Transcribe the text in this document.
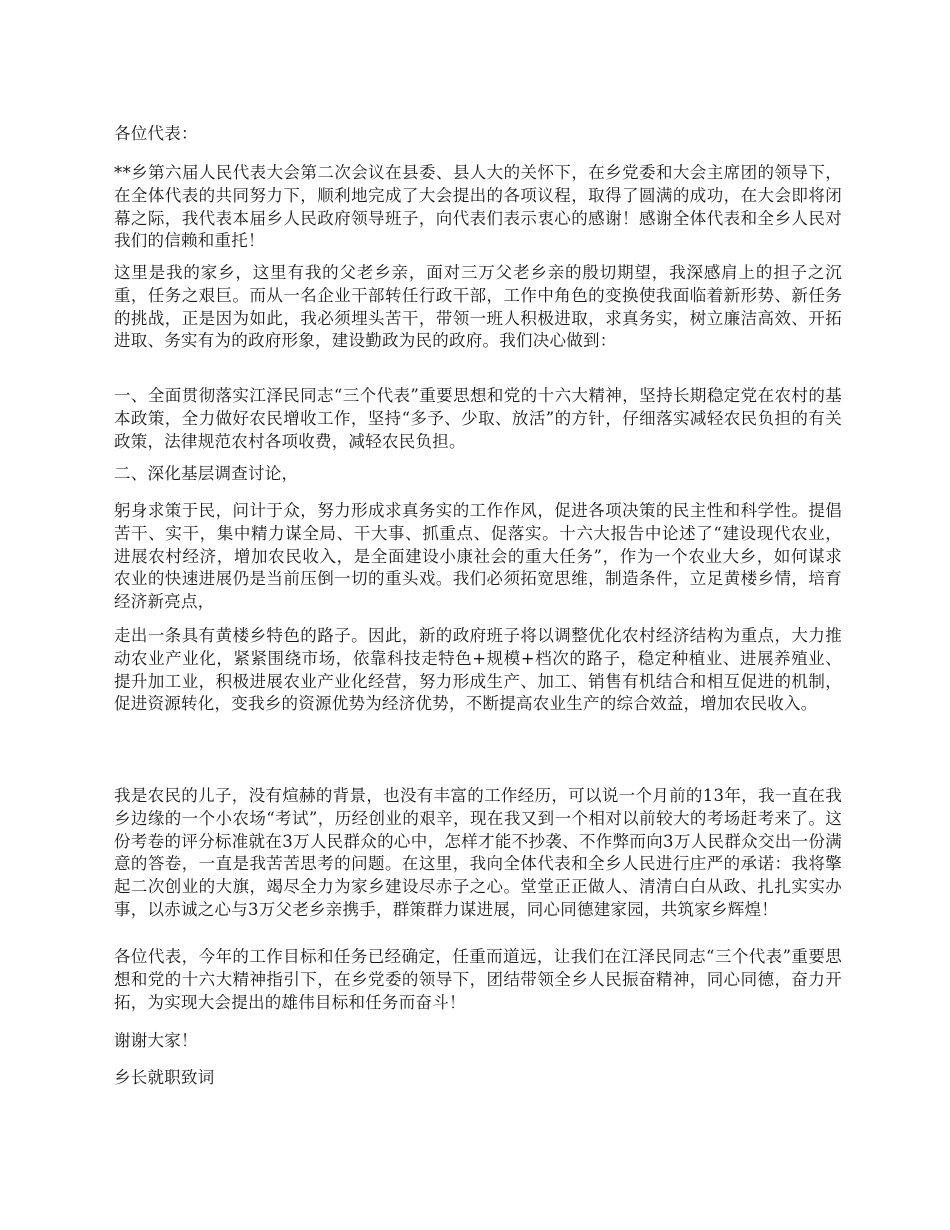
各位代表：

**乡第六届人民代表大会第二次会议在县委、县人大的关怀下，在乡党委和大会主席团的领导下，在全体代表的共同努力下，顺利地完成了大会提出的各项议程，取得了圆满的成功，在大会即将闭幕之际，我代表本届乡人民政府领导班子，向代表们表示衷心的感谢！感谢全体代表和全乡人民对我们的信赖和重托！

这里是我的家乡，这里有我的父老乡亲，面对三万父老乡亲的殷切期望，我深感肩上的担子之沉重，任务之艰巨。而从一名企业干部转任行政干部，工作中角色的变换使我面临着新形势、新任务的挑战，正是因为如此，我必须埋头苦干，带领一班人积极进取，求真务实，树立廉洁高效、开拓进取、务实有为的政府形象，建设勤政为民的政府。我们决心做到：

一、全面贯彻落实江泽民同志“三个代表”重要思想和党的十六大精神，坚持长期稳定党在农村的基本政策，全力做好农民增收工作，坚持“多予、少取、放活”的方针，仔细落实减轻农民负担的有关政策，法律规范农村各项收费，减轻农民负担。

二、深化基层调查讨论，

躬身求策于民，问计于众，努力形成求真务实的工作作风，促进各项决策的民主性和科学性。提倡苦干、实干，集中精力谋全局、干大事、抓重点、促落实。十六大报告中论述了“建设现代农业，进展农村经济，增加农民收入，是全面建设小康社会的重大任务”，作为一个农业大乡，如何谋求农业的快速进展仍是当前压倒一切的重头戏。我们必须拓宽思维，制造条件，立足黄楼乡情，培育经济新亮点，

走出一条具有黄楼乡特色的路子。因此，新的政府班子将以调整优化农村经济结构为重点，大力推动农业产业化，紧紧围绕市场，依靠科技走特色+规模+档次的路子，稳定种植业、进展养殖业、提升加工业，积极进展农业产业化经营，努力形成生产、加工、销售有机结合和相互促进的机制，促进资源转化，变我乡的资源优势为经济优势，不断提高农业生产的综合效益，增加农民收入。

我是农民的儿子，没有煊赫的背景，也没有丰富的工作经历，可以说一个月前的13年，我一直在我乡边缘的一个小农场“考试”，历经创业的艰辛，现在我又到一个相对以前较大的考场赶考来了。这份考卷的评分标准就在3万人民群众的心中，怎样才能不抄袭、不作弊而向3万人民群众交出一份满意的答卷，一直是我苦苦思考的问题。在这里，我向全体代表和全乡人民进行庄严的承诺：我将擎起二次创业的大旗，竭尽全力为家乡建设尽赤子之心。堂堂正正做人、清清白白从政、扎扎实实办事，以赤诚之心与3万父老乡亲携手，群策群力谋进展，同心同德建家园，共筑家乡辉煌！

各位代表，今年的工作目标和任务已经确定，任重而道远，让我们在江泽民同志“三个代表”重要思想和党的十六大精神指引下，在乡党委的领导下，团结带领全乡人民振奋精神，同心同德，奋力开拓，为实现大会提出的雄伟目标和任务而奋斗！

谢谢大家！

乡长就职致词
